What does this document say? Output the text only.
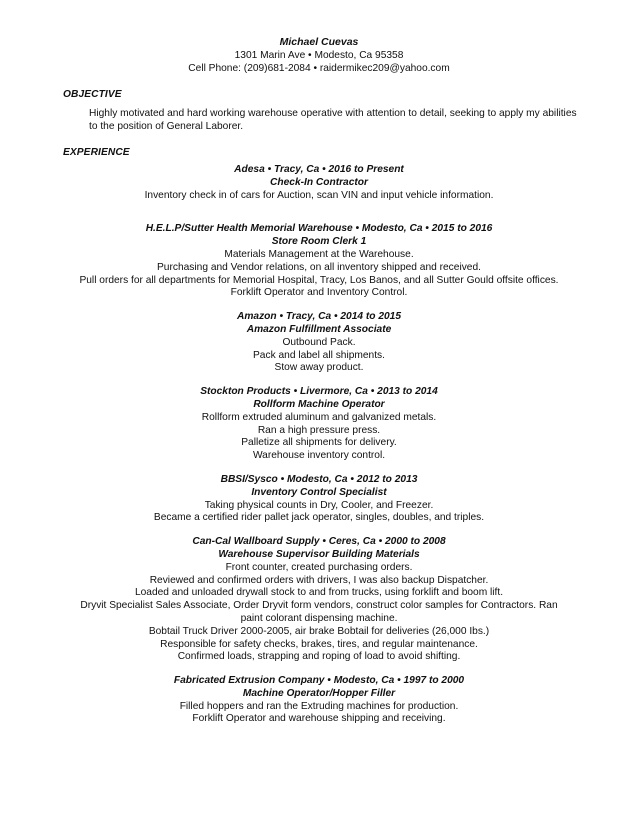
Michael Cuevas
1301 Marin Ave • Modesto, Ca 95358
Cell Phone: (209)681-2084 • raidermikec209@yahoo.com
OBJECTIVE
Highly motivated and hard working warehouse operative with attention to detail, seeking to apply my abilities to the position of General Laborer.
EXPERIENCE
Adesa • Tracy, Ca • 2016 to Present
Check-In Contractor
Inventory check in of cars for Auction, scan VIN and input vehicle information.
H.E.L.P/Sutter Health Memorial Warehouse • Modesto, Ca • 2015 to 2016
Store Room Clerk 1
Materials Management at the Warehouse.
Purchasing and Vendor relations, on all inventory shipped and received.
Pull orders for all departments for Memorial Hospital, Tracy, Los Banos, and all Sutter Gould offsite offices.
Forklift Operator and Inventory Control.
Amazon • Tracy, Ca • 2014 to 2015
Amazon Fulfillment Associate
Outbound Pack.
Pack and label all shipments.
Stow away product.
Stockton Products • Livermore, Ca • 2013 to 2014
Rollform Machine Operator
Rollform extruded aluminum and galvanized metals.
Ran a high pressure press.
Palletize all shipments for delivery.
Warehouse inventory control.
BBSI/Sysco • Modesto, Ca • 2012 to 2013
Inventory Control Specialist
Taking physical counts in Dry, Cooler, and Freezer.
Became a certified rider pallet jack operator, singles, doubles, and triples.
Can-Cal Wallboard Supply • Ceres, Ca • 2000 to 2008
Warehouse Supervisor Building Materials
Front counter, created purchasing orders.
Reviewed and confirmed orders with drivers, I was also backup Dispatcher.
Loaded and unloaded drywall stock to and from trucks, using forklift and boom lift.
Dryvit Specialist Sales Associate, Order Dryvit form vendors, construct color samples for Contractors. Ran paint colorant dispensing machine.
Bobtail Truck Driver 2000-2005, air brake Bobtail for deliveries (26,000 Ibs.)
Responsible for safety checks, brakes, tires, and regular maintenance.
Confirmed loads, strapping and roping of load to avoid shifting.
Fabricated Extrusion Company • Modesto, Ca • 1997 to 2000
Machine Operator/Hopper Filler
Filled hoppers and ran the Extruding machines for production.
Forklift Operator and warehouse shipping and receiving.
